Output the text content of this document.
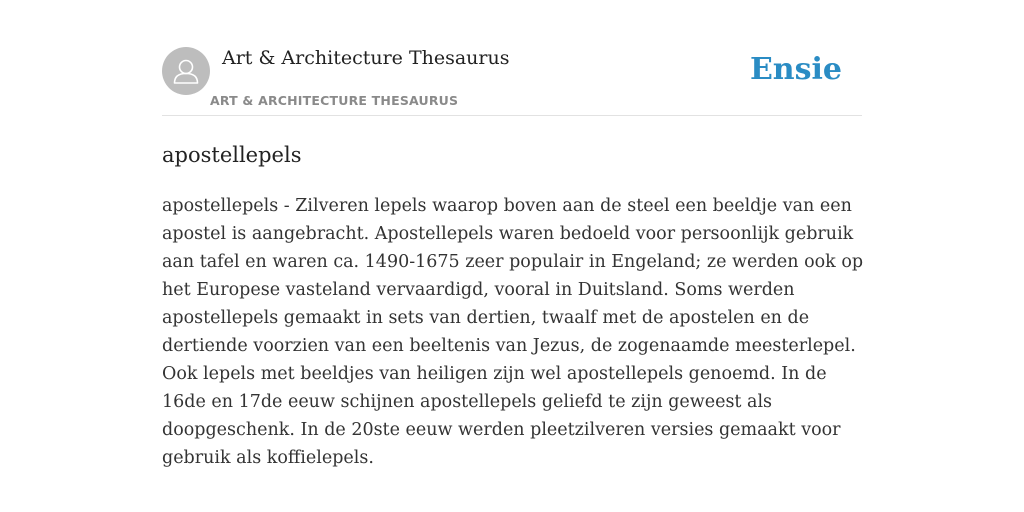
Art & Architecture Thesaurus
ART & ARCHITECTURE THESAURUS
Ensie
apostellepels

apostellepels - Zilveren lepels waarop boven aan de steel een beeldje van een apostel is aangebracht. Apostellepels waren bedoeld voor persoonlijk gebruik aan tafel en waren ca. 1490-1675 zeer populair in Engeland; ze werden ook op het Europese vasteland vervaardigd, vooral in Duitsland. Soms werden apostellepels gemaakt in sets van dertien, twaalf met de apostelen en de dertiende voorzien van een beeltenis van Jezus, de zogenaamde meesterlepel. Ook lepels met beeldjes van heiligen zijn wel apostellepels genoemd. In de 16de en 17de eeuw schijnen apostellepels geliefd te zijn geweest als doopgeschenk. In de 20ste eeuw werden pleetzilveren versies gemaakt voor gebruik als koffielepels.
